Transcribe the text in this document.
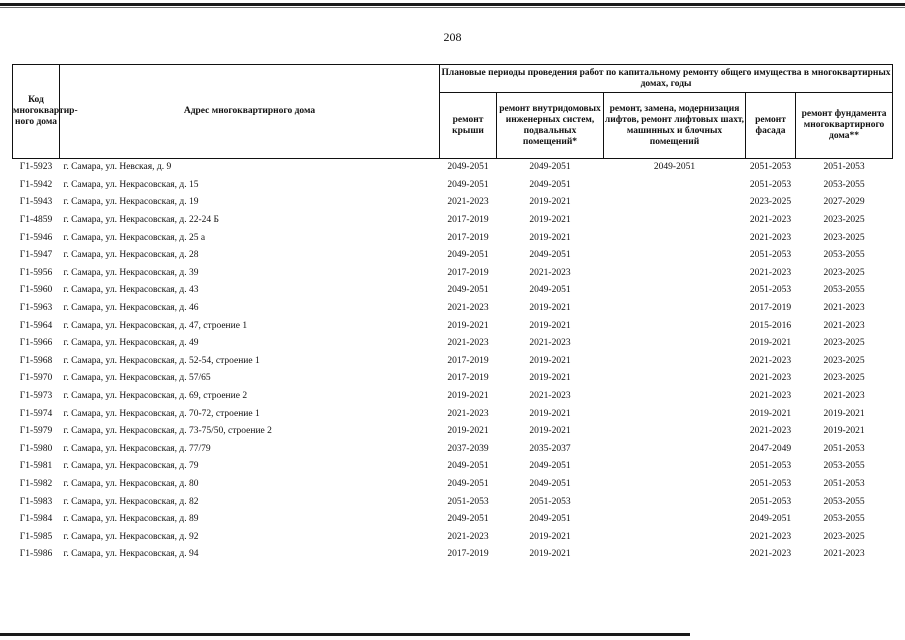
208
Код многоквартир-ного дома	Адрес многоквартирного дома	Плановые периоды проведения работ по капитальному ремонту общего имущества в многоквартирных домах, годы				
		ремонт крыши	ремонт внутридомовых инженерных систем, подвальных помещений*	ремонт, замена, модернизация лифтов, ремонт лифтовых шахт, машинных и блочных помещений	ремонт фасада	ремонт фундамента многоквартирного дома**
Г1-5923	г. Самара, ул. Невская, д. 9	2049-2051	2049-2051	2049-2051	2051-2053	2051-2053
Г1-5942	г. Самара, ул. Некрасовская, д. 15	2049-2051	2049-2051		2051-2053	2053-2055
Г1-5943	г. Самара, ул. Некрасовская, д. 19	2021-2023	2019-2021		2023-2025	2027-2029
Г1-4859	г. Самара, ул. Некрасовская, д. 22-24 Б	2017-2019	2019-2021		2021-2023	2023-2025
Г1-5946	г. Самара, ул. Некрасовская, д. 25 а	2017-2019	2019-2021		2021-2023	2023-2025
Г1-5947	г. Самара, ул. Некрасовская, д. 28	2049-2051	2049-2051		2051-2053	2053-2055
Г1-5956	г. Самара, ул. Некрасовская, д. 39	2017-2019	2021-2023		2021-2023	2023-2025
Г1-5960	г. Самара, ул. Некрасовская, д. 43	2049-2051	2049-2051		2051-2053	2053-2055
Г1-5963	г. Самара, ул. Некрасовская, д. 46	2021-2023	2019-2021		2017-2019	2021-2023
Г1-5964	г. Самара, ул. Некрасовская, д. 47, строение 1	2019-2021	2019-2021		2015-2016	2021-2023
Г1-5966	г. Самара, ул. Некрасовская, д. 49	2021-2023	2021-2023		2019-2021	2023-2025
Г1-5968	г. Самара, ул. Некрасовская, д. 52-54, строение 1	2017-2019	2019-2021		2021-2023	2023-2025
Г1-5970	г. Самара, ул. Некрасовская, д. 57/65	2017-2019	2019-2021		2021-2023	2023-2025
Г1-5973	г. Самара, ул. Некрасовская, д. 69, строение 2	2019-2021	2021-2023		2021-2023	2021-2023
Г1-5974	г. Самара, ул. Некрасовская, д. 70-72, строение 1	2021-2023	2019-2021		2019-2021	2019-2021
Г1-5979	г. Самара, ул. Некрасовская, д. 73-75/50, строение 2	2019-2021	2019-2021		2021-2023	2019-2021
Г1-5980	г. Самара, ул. Некрасовская, д. 77/79	2037-2039	2035-2037		2047-2049	2051-2053
Г1-5981	г. Самара, ул. Некрасовская, д. 79	2049-2051	2049-2051		2051-2053	2053-2055
Г1-5982	г. Самара, ул. Некрасовская, д. 80	2049-2051	2049-2051		2051-2053	2051-2053
Г1-5983	г. Самара, ул. Некрасовская, д. 82	2051-2053	2051-2053		2051-2053	2053-2055
Г1-5984	г. Самара, ул. Некрасовская, д. 89	2049-2051	2049-2051		2049-2051	2053-2055
Г1-5985	г. Самара, ул. Некрасовская, д. 92	2021-2023	2019-2021		2021-2023	2023-2025
Г1-5986	г. Самара, ул. Некрасовская, д. 94	2017-2019	2019-2021		2021-2023	2021-2023
